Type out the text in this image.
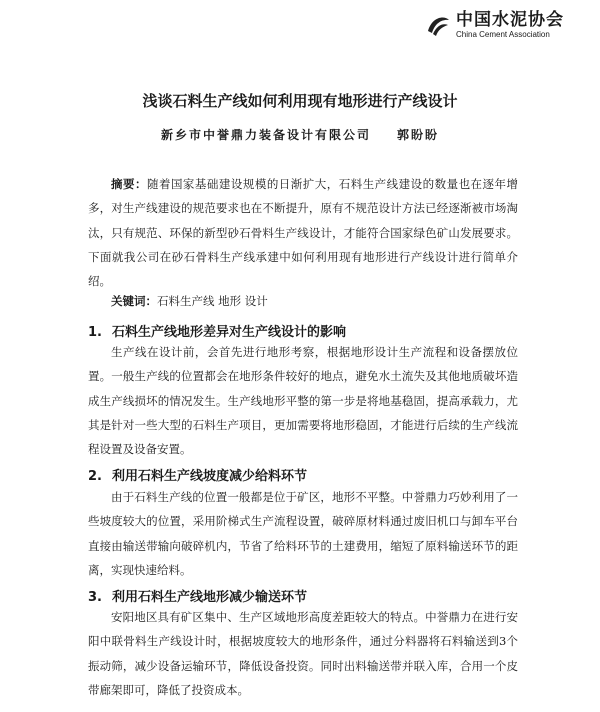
中国水泥协会
China Cement Association
浅谈石料生产线如何利用现有地形进行产线设计
新乡市中誉鼎力装备设计有限公司 郭盼盼

摘要：随着国家基础建设规模的日渐扩大，石料生产线建设的数量也在逐年增多，对生产线建设的规范要求也在不断提升，原有不规范设计方法已经逐渐被市场淘汰，只有规范、环保的新型砂石骨料生产线设计，才能符合国家绿色矿山发展要求。下面就我公司在砂石骨料生产线承建中如何利用现有地形进行产线设计进行简单介绍。

关键词：石料生产线 地形 设计

1. 石料生产线地形差异对生产线设计的影响

生产线在设计前，会首先进行地形考察，根据地形设计生产流程和设备摆放位置。一般生产线的位置都会在地形条件较好的地点，避免水土流失及其他地质破坏造成生产线损坏的情况发生。生产线地形平整的第一步是将地基稳固，提高承载力，尤其是针对一些大型的石料生产项目，更加需要将地形稳固，才能进行后续的生产线流程设置及设备安置。

2. 利用石料生产线坡度减少给料环节

由于石料生产线的位置一般都是位于矿区，地形不平整。中誉鼎力巧妙利用了一些坡度较大的位置，采用阶梯式生产流程设置，破碎原材料通过废旧机口与卸车平台直接由输送带输向破碎机内，节省了给料环节的土建费用，缩短了原料输送环节的距离，实现快速给料。

3. 利用石料生产线地形减少输送环节

安阳地区具有矿区集中、生产区域地形高度差距较大的特点。中誉鼎力在进行安阳中联骨料生产线设计时，根据坡度较大的地形条件，通过分料器将石料输送到3个振动筛，减少设备运输环节，降低设备投资。同时出料输送带并联入库，合用一个皮带廊架即可，降低了投资成本。
